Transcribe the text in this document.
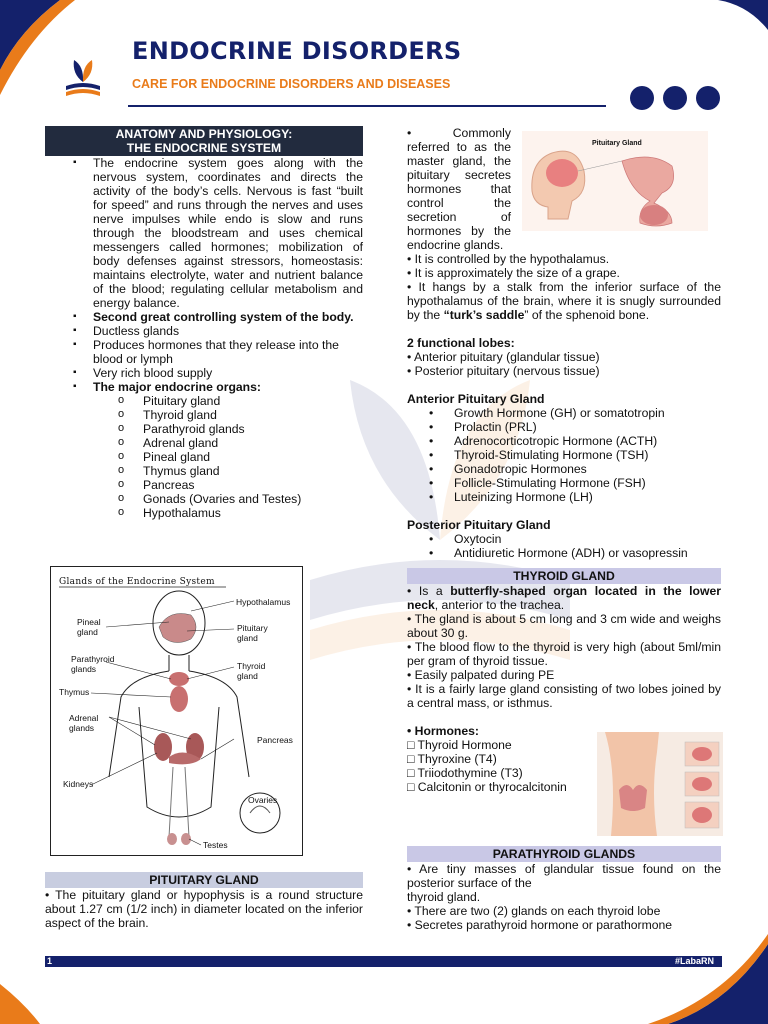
ENDOCRINE DISORDERS
CARE FOR ENDOCRINE DISORDERS AND DISEASES
ANATOMY AND PHYSIOLOGY:
THE ENDOCRINE SYSTEM
▪ The endocrine system goes along with the nervous system, coordinates and directs the activity of the body’s cells. Nervous is fast “built for speed” and runs through the nerves and uses nerve impulses while endo is slow and runs through the bloodstream and uses chemical messengers called hormones; mobilization of body defenses against stressors, homeostasis: maintains electrolyte, water and nutrient balance of the blood; regulating cellular metabolism and energy balance.
▪ Second great controlling system of the body.
▪ Ductless glands
▪ Produces hormones that they release into the blood or lymph
▪ Very rich blood supply
▪ The major endocrine organs:
o Pituitary gland
o Thyroid gland
o Parathyroid glands
o Adrenal gland
o Pineal gland
o Thymus gland
o Pancreas
o Gonads (Ovaries and Testes)
o Hypothalamus
Glands of the Endocrine System
Hypothalamus
Pineal gland	Pituitary gland
Parathyroid glands	Thyroid gland
Thymus
Adrenal glands
Pancreas
Kidneys
Ovaries
Testes
PITUITARY GLAND
• The pituitary gland or hypophysis is a round structure about 1.27 cm (1/2 inch) in diameter located on the inferior aspect of the brain.
• Commonly referred to as the master gland, the pituitary secretes hormones that control the secretion of hormones by the endocrine glands.
• It is controlled by the hypothalamus.
• It is approximately the size of a grape.
• It hangs by a stalk from the inferior surface of the hypothalamus of the brain, where it is snugly surrounded by the “turk’s saddle” of the sphenoid bone.
2 functional lobes:
• Anterior pituitary (glandular tissue)
• Posterior pituitary (nervous tissue)
Anterior Pituitary Gland
• Growth Hormone (GH) or somatotropin
• Prolactin (PRL)
• Adrenocorticotropic Hormone (ACTH)
• Thyroid-Stimulating Hormone (TSH)
• Gonadotropic Hormones
• Follicle-Stimulating Hormone (FSH)
• Luteinizing Hormone (LH)
Posterior Pituitary Gland
• Oxytocin
• Antidiuretic Hormone (ADH) or vasopressin
THYROID GLAND
• Is a butterfly-shaped organ located in the lower neck, anterior to the trachea.
• The gland is about 5 cm long and 3 cm wide and weighs about 30 g.
• The blood flow to the thyroid is very high (about 5ml/min per gram of thyroid tissue.
• Easily palpated during PE
• It is a fairly large gland consisting of two lobes joined by a central mass, or isthmus.
• Hormones:
□ Thyroid Hormone
□ Thyroxine (T4)
□ Triiodothymine (T3)
□ Calcitonin or thyrocalcitonin
PARATHYROID GLANDS
• Are tiny masses of glandular tissue found on the posterior surface of the
thyroid gland.
• There are two (2) glands on each thyroid lobe
• Secretes parathyroid hormone or parathormone
Pituitary Gland
1	#LabaRN
